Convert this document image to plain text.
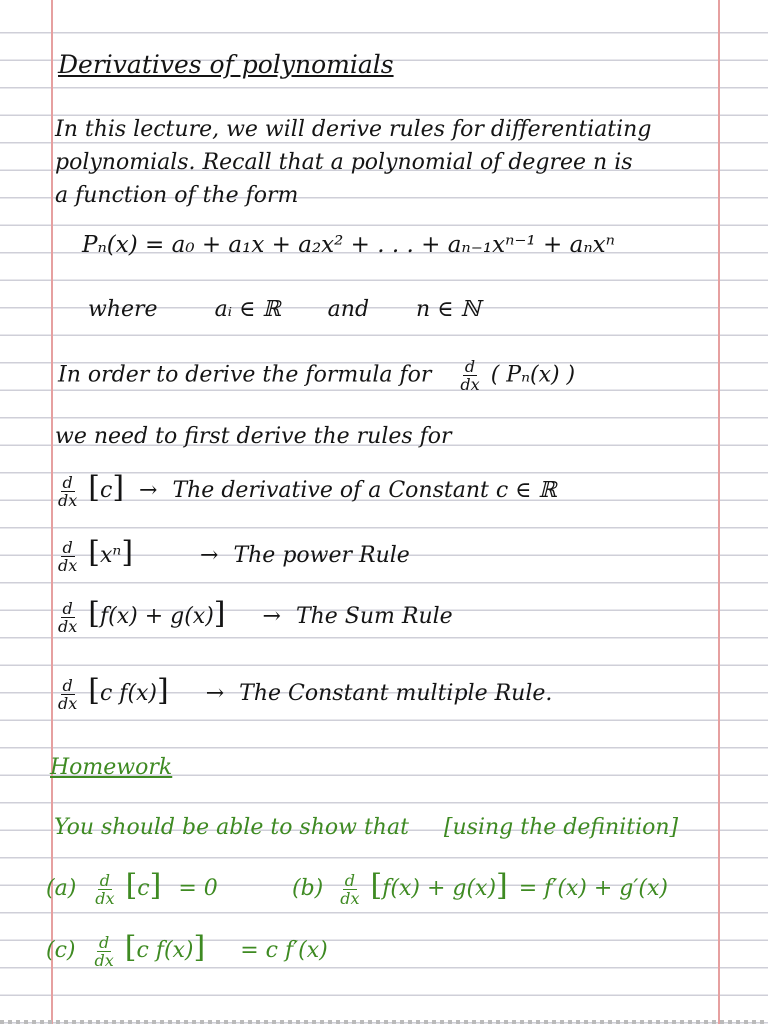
Derivatives of polynomials
In this lecture, we will derive rules for differentiating
polynomials. Recall that a polynomial of degree n is
a function of the form
Pₙ(x) = a₀ + a₁x + a₂x² + . . . + aₙ₋₁xⁿ⁻¹ + aₙxⁿ
where	aᵢ ∈ ℝ and n ∈ ℕ
In order to derive the formula for $\frac{d}{dx}$ ( Pₙ(x) )
we need to first derive the rules for
$\frac{d}{dx} [c]$ → The derivative of a Constant c ∈ ℝ
$\frac{d}{dx} [x^n]$	→ The power Rule
$\frac{d}{dx} [f(x) + g(x)]$ → The Sum Rule
$\frac{d}{dx} [c$ f(x)] → The Constant multiple Rule.
Homework
You should be able to show that [using the definition]
$(a) \frac{d}{dx} [c] = 0$	$(b) \frac{d}{dx} [f(x) + g(x)] = f'(x) + g'(x)$
$(c) \frac{d}{dx} [c$ f(x)] = c f′(x)
